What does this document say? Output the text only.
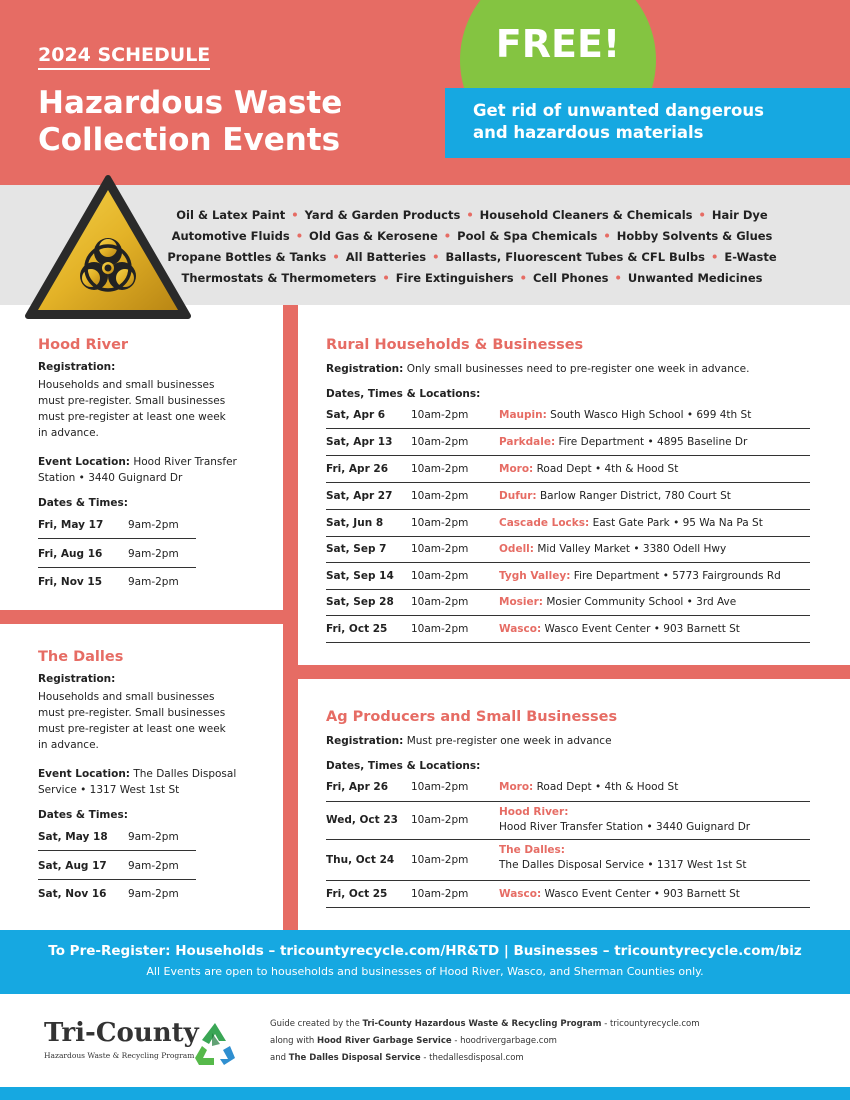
2024 SCHEDULE
Hazardous Waste
Collection Events
FREE!
Get rid of unwanted dangerous
and hazardous materials
Oil & Latex Paint • Yard & Garden Products • Household Cleaners & Chemicals • Hair Dye
Automotive Fluids • Old Gas & Kerosene • Pool & Spa Chemicals • Hobby Solvents & Glues
Propane Bottles & Tanks • All Batteries • Ballasts, Fluorescent Tubes & CFL Bulbs • E-Waste
Thermostats & Thermometers • Fire Extinguishers • Cell Phones • Unwanted Medicines
Hood River
Registration:
Households and small businesses
must pre-register. Small businesses
must pre-register at least one week
in advance.
Event Location: Hood River Transfer
Station • 3440 Guignard Dr
Dates & Times:
Fri, May 17 9am-2pm
Fri, Aug 16 9am-2pm
Fri, Nov 15 9am-2pm
The Dalles
Registration:
Households and small businesses
must pre-register. Small businesses
must pre-register at least one week
in advance.
Event Location: The Dalles Disposal
Service • 1317 West 1st St
Dates & Times:
Sat, May 18 9am-2pm
Sat, Aug 17 9am-2pm
Sat, Nov 16 9am-2pm
Rural Households & Businesses
Registration: Only small businesses need to pre-register one week in advance.
Dates, Times & Locations:
Sat, Apr 6 10am-2pm	Maupin: South Wasco High School • 699 4th St
Sat, Apr 13 10am-2pm	Parkdale: Fire Department • 4895 Baseline Dr
Fri, Apr 26 10am-2pm	Moro: Road Dept • 4th & Hood St
Sat, Apr 27 10am-2pm	Dufur: Barlow Ranger District, 780 Court St
Sat, Jun 8	10am-2pm	Cascade Locks: East Gate Park • 95 Wa Na Pa St
Sat, Sep 7 10am-2pm	Odell: Mid Valley Market • 3380 Odell Hwy
Sat, Sep 14 10am-2pm	Tygh Valley: Fire Department • 5773 Fairgrounds Rd
Sat, Sep 28 10am-2pm	Mosier: Mosier Community School • 3rd Ave
Fri, Oct 25 10am-2pm	Wasco: Wasco Event Center • 903 Barnett St
Ag Producers and Small Businesses
Registration: Must pre-register one week in advance
Dates, Times & Locations:
Fri, Apr 26 10am-2pm	Moro: Road Dept • 4th & Hood St
Wed, Oct 23 10am-2pm
Hood River:
Hood River Transfer Station • 3440 Guignard Dr
Thu, Oct 24 10am-2pm
The Dalles:
The Dalles Disposal Service • 1317 West 1st St
Fri, Oct 25 10am-2pm	Wasco: Wasco Event Center • 903 Barnett St
To Pre-Register: Households – tricountyrecycle.com/HR&TD | Businesses – tricountyrecycle.com/biz
All Events are open to households and businesses of Hood River, Wasco, and Sherman Counties only.
Tri-County
Hazardous Waste & Recycling Program
Guide created by the Tri-County Hazardous Waste & Recycling Program - tricountyrecycle.com
along with Hood River Garbage Service - hoodrivergarbage.com
and The Dalles Disposal Service - thedallesdisposal.com
